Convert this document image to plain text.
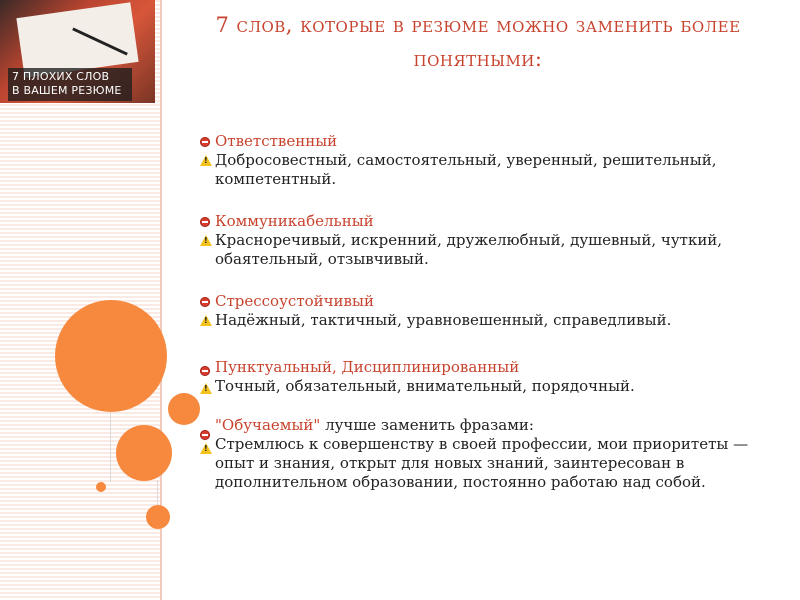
7 ПЛОХИХ СЛОВ
В ВАШЕМ РЕЗЮМЕ
7 слов, которые в резюме можно заменить более
понятными:
Ответственный
!
Добросовестный, самостоятельный, уверенный, решительный, компетентный.
Коммуникабельный
!
Красноречивый, искренний, дружелюбный, душевный, чуткий, обаятельный, отзывчивый.
Стрессоустойчивый
!
Надёжный, тактичный, уравновешенный, справедливый.
Пунктуальный, Дисциплинированный
!
Точный, обязательный, внимательный, порядочный.
"Обучаемый" лучше заменить фразами:
!
Стремлюсь к совершенству в своей профессии, мои приоритеты — опыт и знания, открыт для новых знаний, заинтересован в дополнительном образовании, постоянно работаю над собой.
